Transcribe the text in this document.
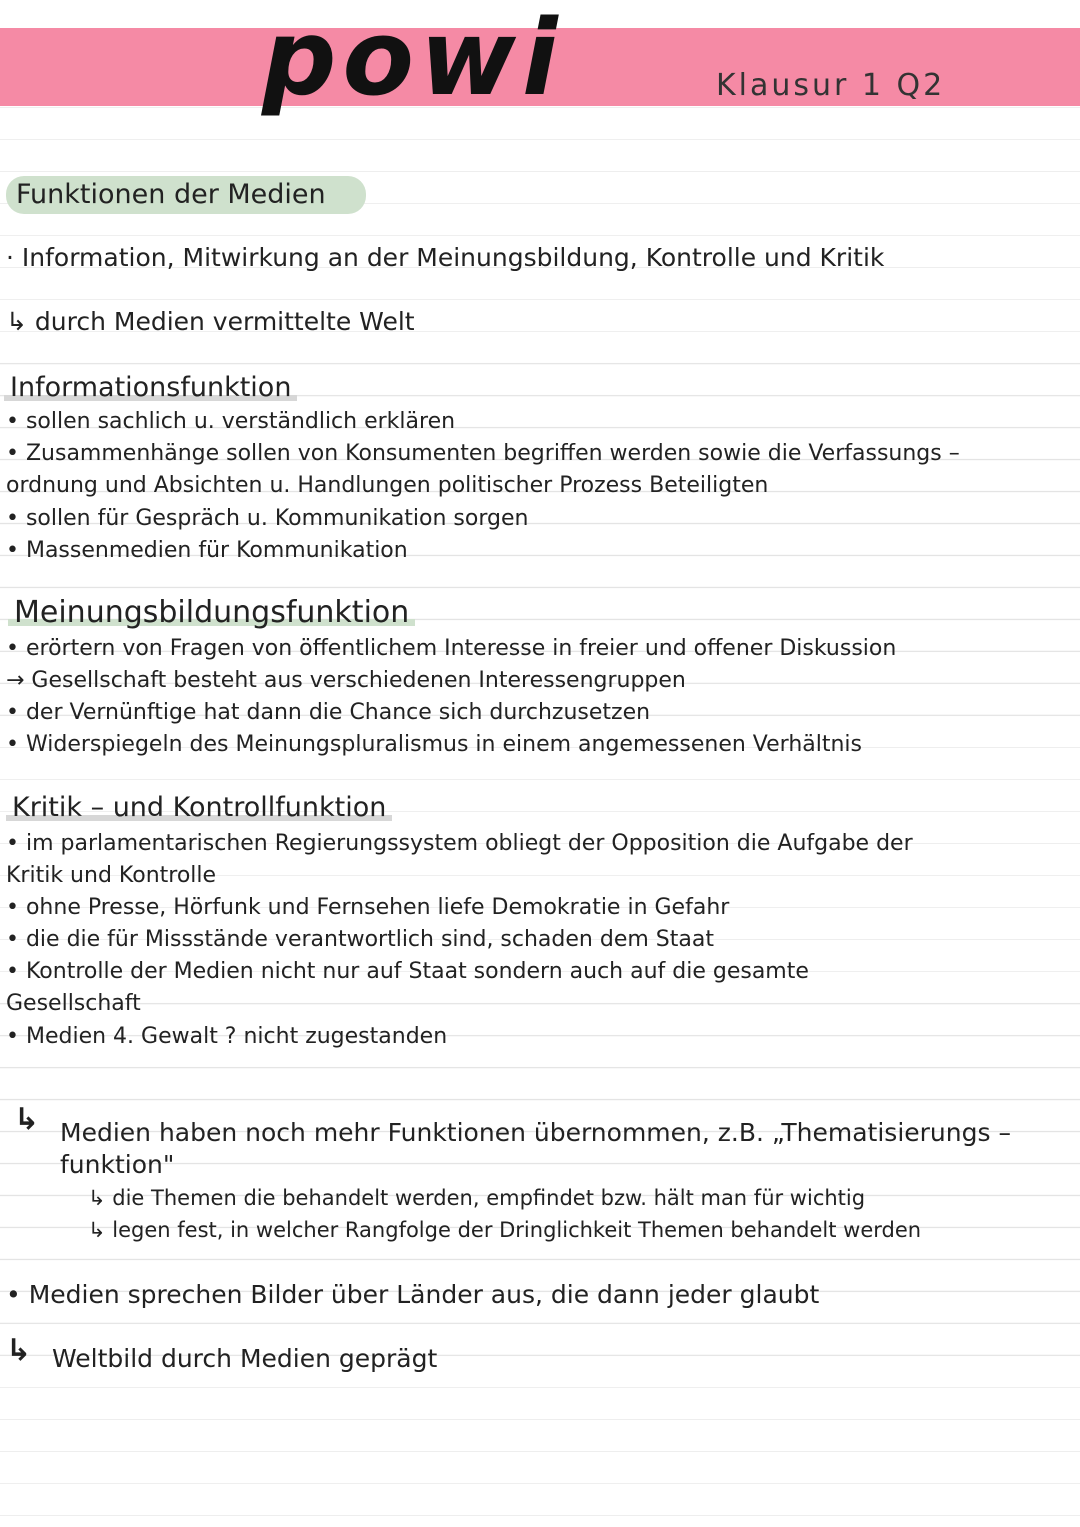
powi	Klausur 1 Q2
Funktionen der Medien
· Information, Mitwirkung an der Meinungsbildung, Kontrolle und Kritik
↳ durch Medien vermittelte Welt
Informationsfunktion
• sollen sachlich u. verständlich erklären
• Zusammenhänge sollen von Konsumenten begriffen werden sowie die Verfassungs –
ordnung und Absichten u. Handlungen politischer Prozess Beteiligten
• sollen für Gespräch u. Kommunikation sorgen
• Massenmedien für Kommunikation
Meinungsbildungsfunktion
• erörtern von Fragen von öffentlichem Interesse in freier und offener Diskussion
→ Gesellschaft besteht aus verschiedenen Interessengruppen
• der Vernünftige hat dann die Chance sich durchzusetzen
• Widerspiegeln des Meinungspluralismus in einem angemessenen Verhältnis
Kritik – und Kontrollfunktion
• im parlamentarischen Regierungssystem obliegt der Opposition die Aufgabe der
Kritik und Kontrolle
• ohne Presse, Hörfunk und Fernsehen liefe Demokratie in Gefahr
• die die für Missstände verantwortlich sind, schaden dem Staat
• Kontrolle der Medien nicht nur auf Staat sondern auch auf die gesamte
Gesellschaft
• Medien 4. Gewalt ? nicht zugestanden
↳ Medien haben noch mehr Funktionen übernommen, z.B. „Thematisierungs –
funktion"
↳ die Themen die behandelt werden, empfindet bzw. hält man für wichtig
↳ legen fest, in welcher Rangfolge der Dringlichkeit Themen behandelt werden
• Medien sprechen Bilder über Länder aus, die dann jeder glaubt
↳ Weltbild durch Medien geprägt
